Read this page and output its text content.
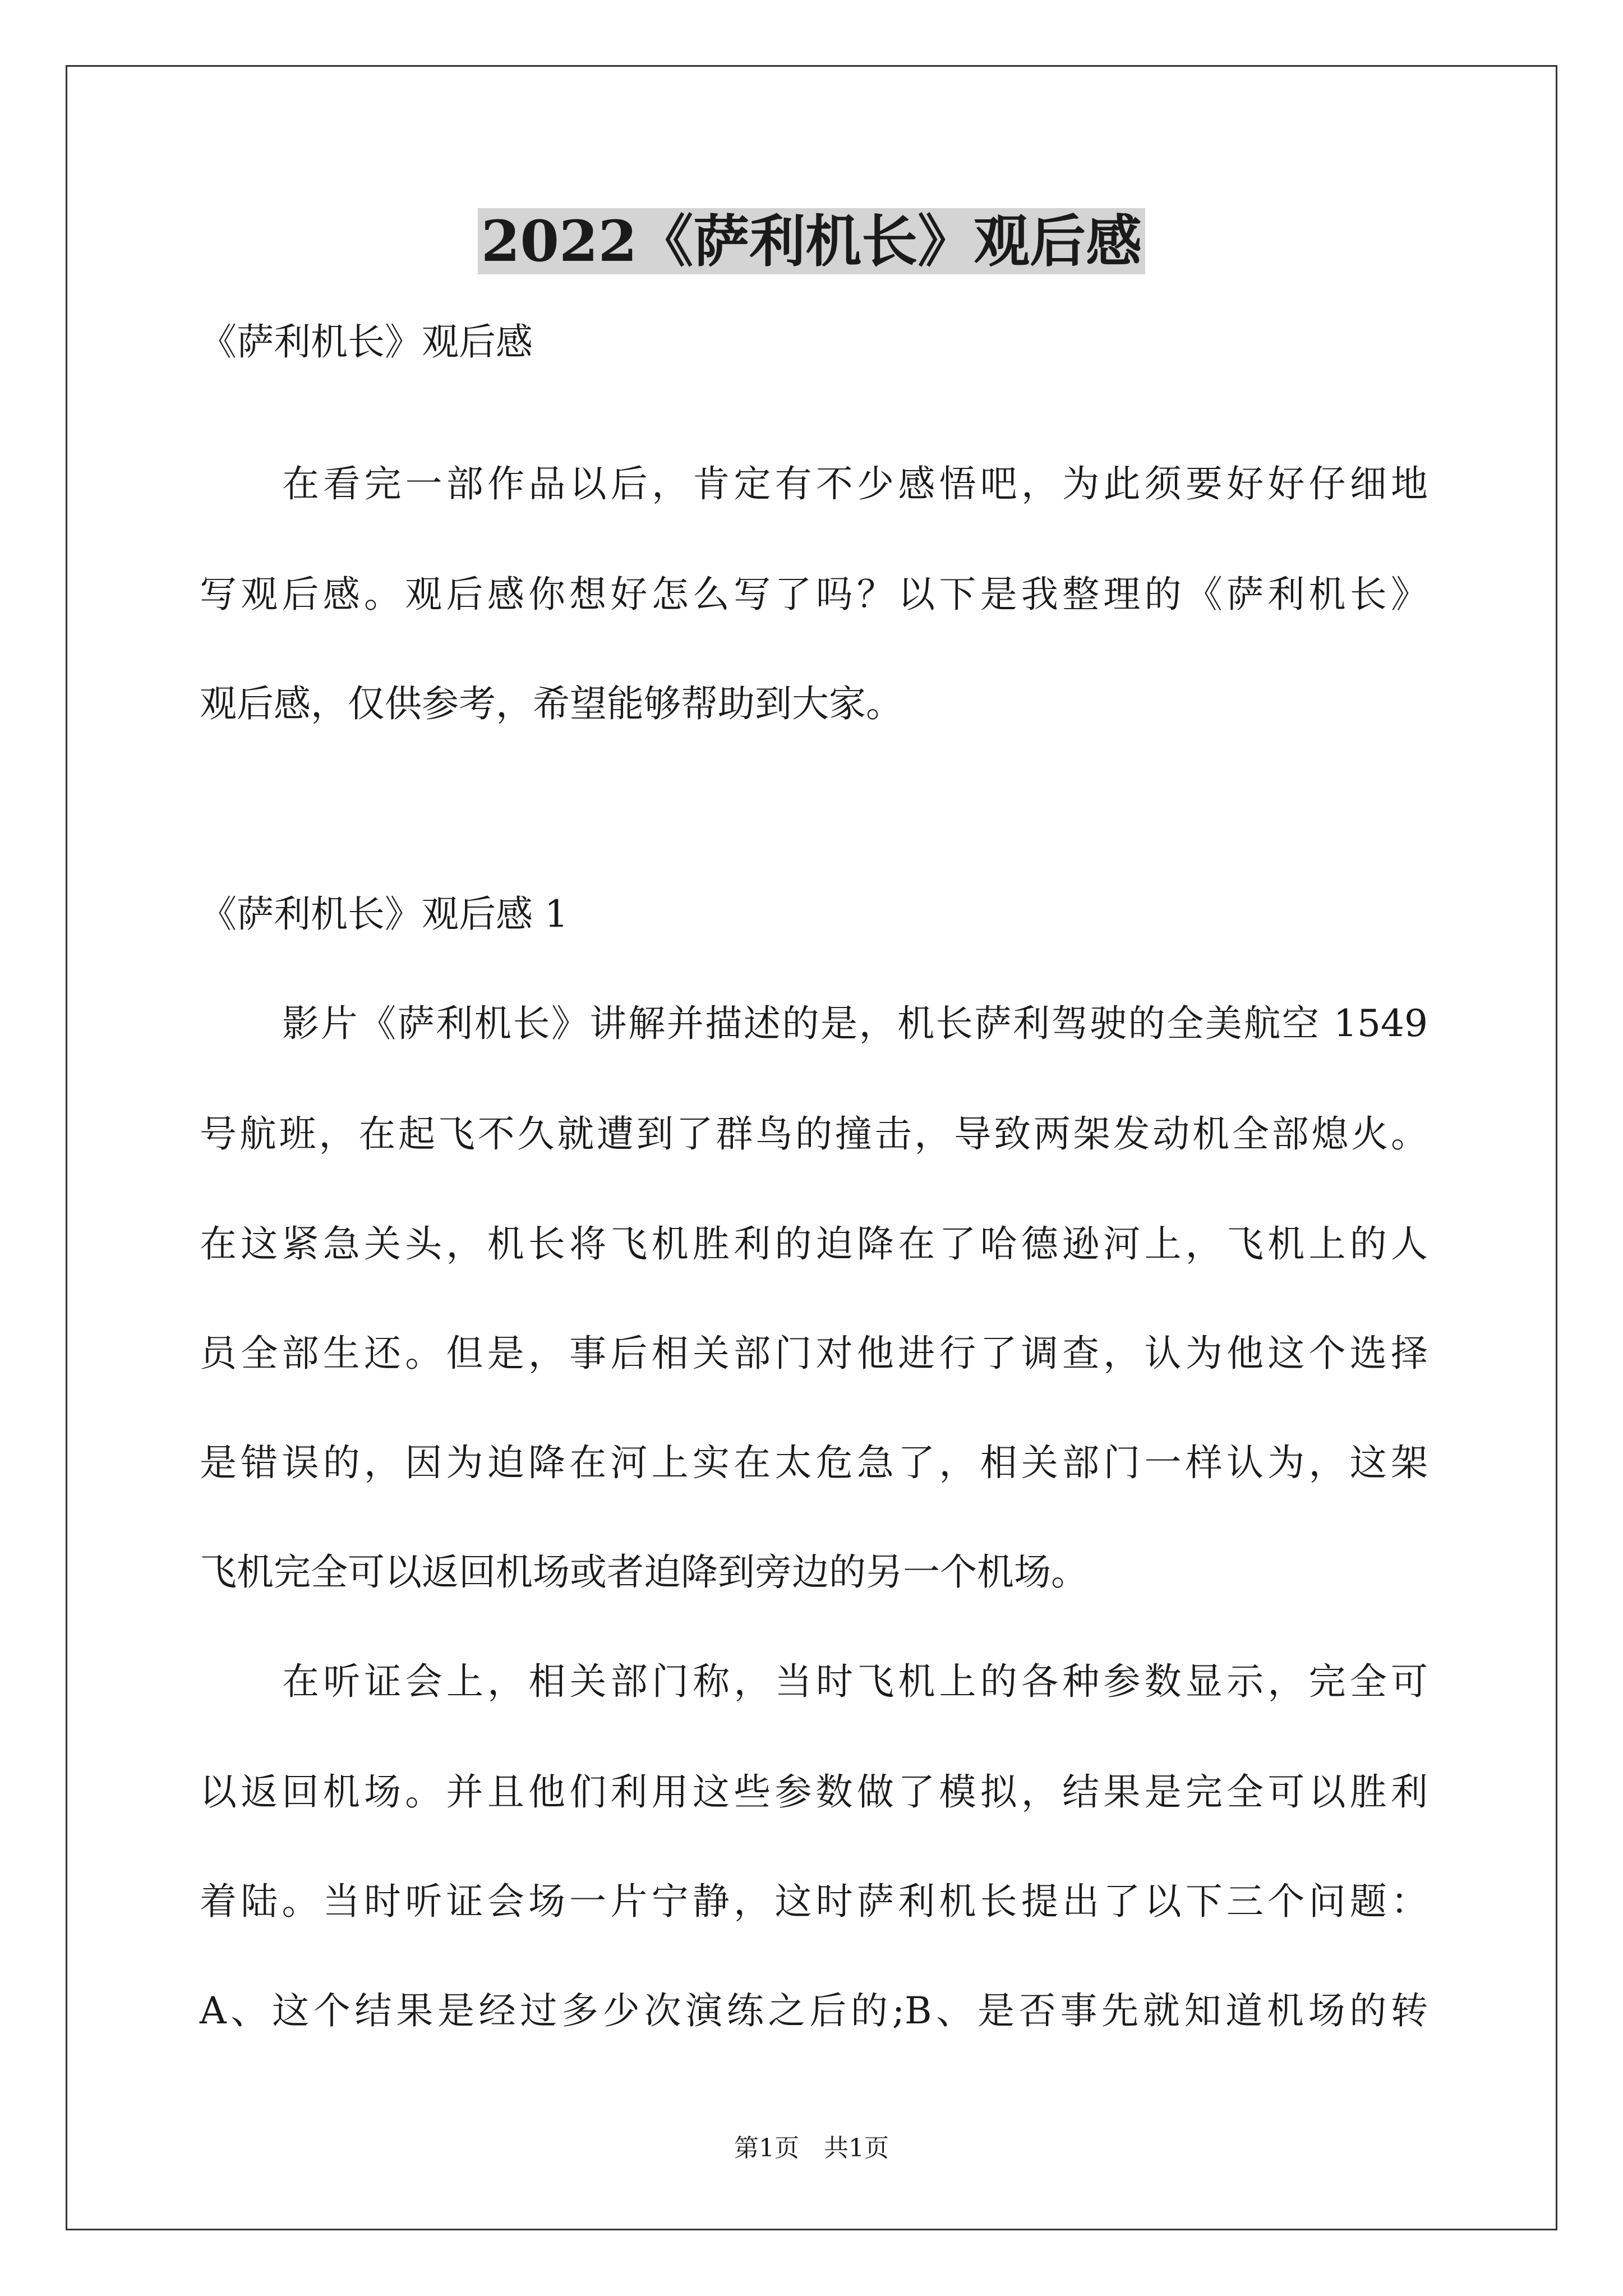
2022《萨利机长》观后感
《萨利机长》观后感
在看完一部作品以后，肯定有不少感悟吧，为此须要好好仔细地
写观后感。观后感你想好怎么写了吗？以下是我整理的《萨利机长》
观后感，仅供参考，希望能够帮助到大家。
《萨利机长》观后感 1
影片《萨利机长》讲解并描述的是，机长萨利驾驶的全美航空 1549
号航班，在起飞不久就遭到了群鸟的撞击，导致两架发动机全部熄火。
在这紧急关头，机长将飞机胜利的迫降在了哈德逊河上，飞机上的人
员全部生还。但是，事后相关部门对他进行了调查，认为他这个选择
是错误的，因为迫降在河上实在太危急了，相关部门一样认为，这架
飞机完全可以返回机场或者迫降到旁边的另一个机场。
在听证会上，相关部门称，当时飞机上的各种参数显示，完全可
以返回机场。并且他们利用这些参数做了模拟，结果是完全可以胜利
着陆。当时听证会场一片宁静，这时萨利机长提出了以下三个问题：
A、这个结果是经过多少次演练之后的;B、是否事先就知道机场的转
第1页　共1页
